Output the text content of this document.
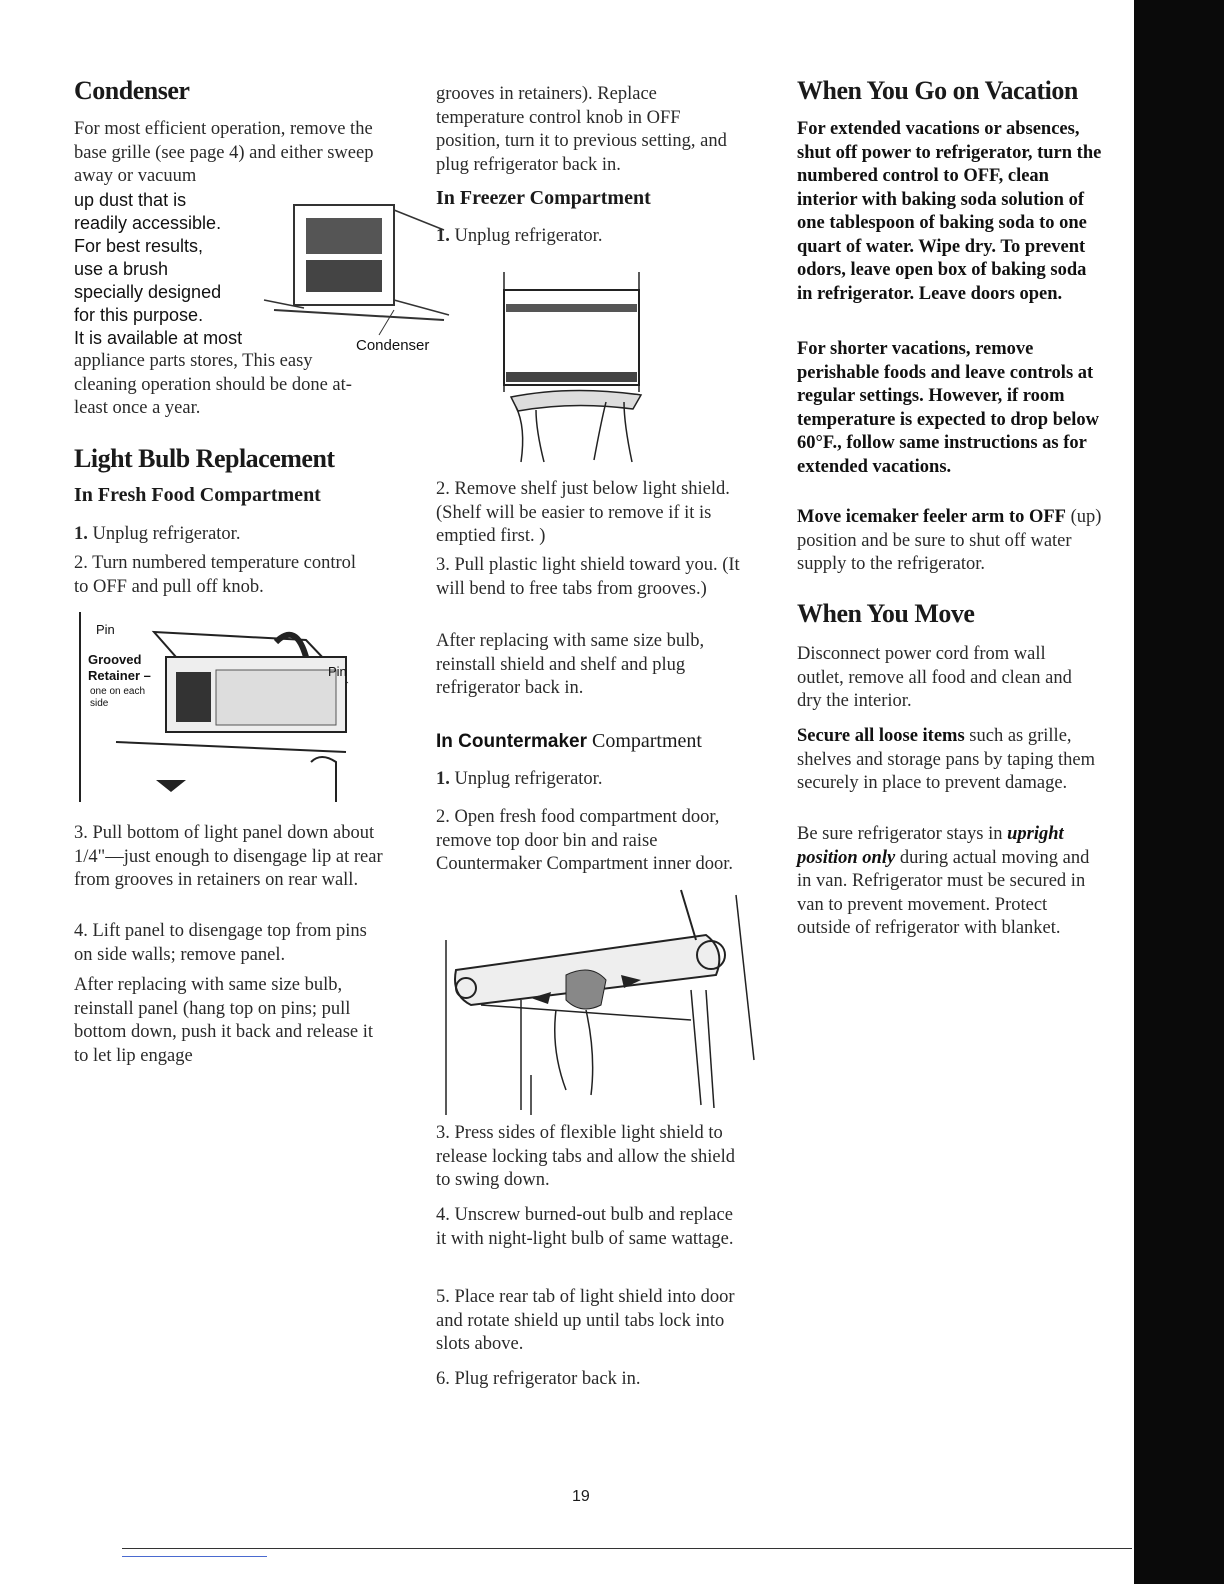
Condenser

For most efficient operation, remove the base grille (see page 4) and either sweep away or vacuum

up dust that is
readily accessible.
For best results,
use a brush
specially designed
for this purpose.
It is available at most

appliance parts stores, This easy cleaning operation should be done at-least once a year.

Condenser
Light Bulb Replacement
In Fresh Food Compartment

1. Unplug refrigerator.

2. Turn numbered temperature control to OFF and pull off knob.

Pin
Grooved
Retainer –
one on each
side
Pin

3. Pull bottom of light panel down about 1/4"—just enough to disengage lip at rear from grooves in retainers on rear wall.

4. Lift panel to disengage top from pins on side walls; remove panel.

After replacing with same size bulb, reinstall panel (hang top on pins; pull bottom down, push it back and release it to let lip engage

grooves in retainers). Replace temperature control knob in OFF position, turn it to previous setting, and plug refrigerator back in.

In Freezer Compartment

1. Unplug refrigerator.

2. Remove shelf just below light shield. (Shelf will be easier to remove if it is emptied first. )

3. Pull plastic light shield toward you. (It will bend to free tabs from grooves.)

After replacing with same size bulb, reinstall shield and shelf and plug refrigerator back in.

In Countermaker Compartment

1. Unplug refrigerator.

2. Open fresh food compartment door, remove top door bin and raise Countermaker Compartment inner door.

3. Press sides of flexible light shield to release locking tabs and allow the shield to swing down.

4. Unscrew burned-out bulb and replace it with night-light bulb of same wattage.

5. Place rear tab of light shield into door and rotate shield up until tabs lock into slots above.

6. Plug refrigerator back in.

When You Go on Vacation

For extended vacations or absences, shut off power to refrigerator, turn the numbered control to OFF, clean interior with baking soda solution of one tablespoon of baking soda to one quart of water. Wipe dry. To prevent odors, leave open box of baking soda in refrigerator. Leave doors open.

For shorter vacations, remove perishable foods and leave controls at regular settings. However, if room temperature is expected to drop below 60°F., follow same instructions as for extended vacations.

Move icemaker feeler arm to OFF (up) position and be sure to shut off water supply to the refrigerator.

When You Move

Disconnect power cord from wall outlet, remove all food and clean and dry the interior.

Secure all loose items such as grille, shelves and storage pans by taping them securely in place to prevent damage.

Be sure refrigerator stays in upright position only during actual moving and in van. Refrigerator must be secured in van to prevent movement. Protect outside of refrigerator with blanket.

19
